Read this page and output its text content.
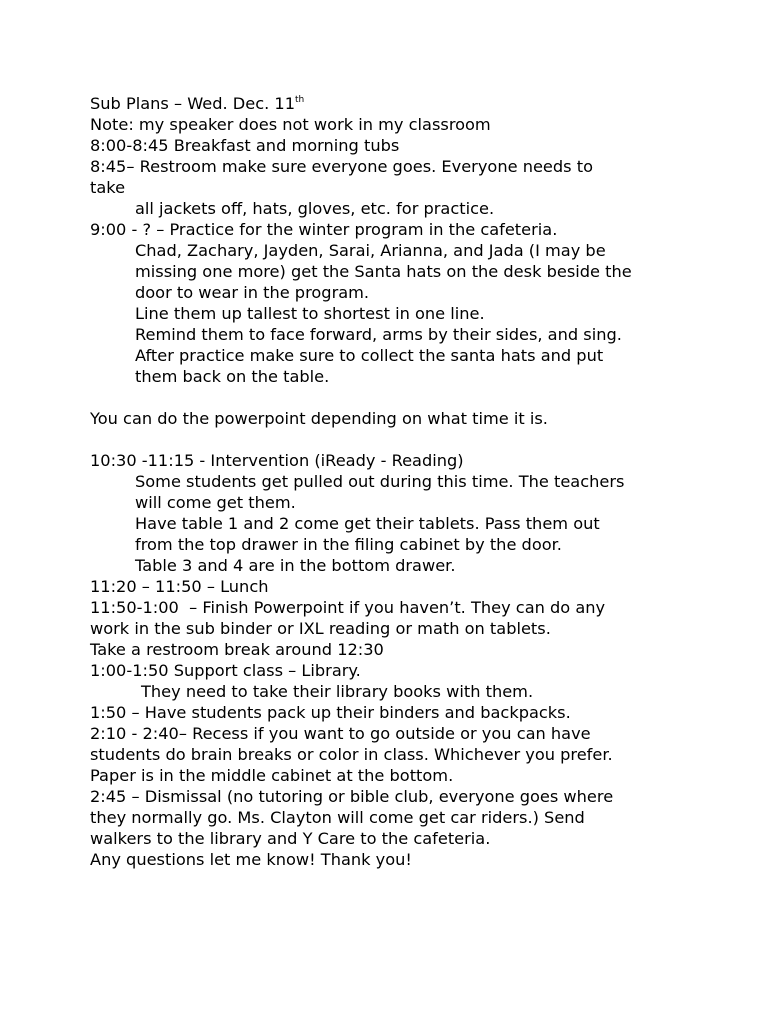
Sub Plans – Wed. Dec. 11th
Note: my speaker does not work in my classroom
8:00-8:45 Breakfast and morning tubs
8:45– Restroom make sure everyone goes. Everyone needs to
take
all jackets off, hats, gloves, etc. for practice.
9:00 - ? – Practice for the winter program in the cafeteria.
Chad, Zachary, Jayden, Sarai, Arianna, and Jada (I may be
missing one more) get the Santa hats on the desk beside the
door to wear in the program.
Line them up tallest to shortest in one line.
Remind them to face forward, arms by their sides, and sing.
After practice make sure to collect the santa hats and put
them back on the table.
You can do the powerpoint depending on what time it is.
10:30 -11:15 - Intervention (iReady - Reading)
Some students get pulled out during this time. The teachers
will come get them.
Have table 1 and 2 come get their tablets. Pass them out
from the top drawer in the filing cabinet by the door.
Table 3 and 4 are in the bottom drawer.
11:20 – 11:50 – Lunch
11:50-1:00  – Finish Powerpoint if you haven’t. They can do any
work in the sub binder or IXL reading or math on tablets.
Take a restroom break around 12:30
1:00-1:50 Support class – Library.
They need to take their library books with them.
1:50 – Have students pack up their binders and backpacks.
2:10 - 2:40– Recess if you want to go outside or you can have
students do brain breaks or color in class. Whichever you prefer.
Paper is in the middle cabinet at the bottom.
2:45 – Dismissal (no tutoring or bible club, everyone goes where
they normally go. Ms. Clayton will come get car riders.) Send
walkers to the library and Y Care to the cafeteria.
Any questions let me know! Thank you!
